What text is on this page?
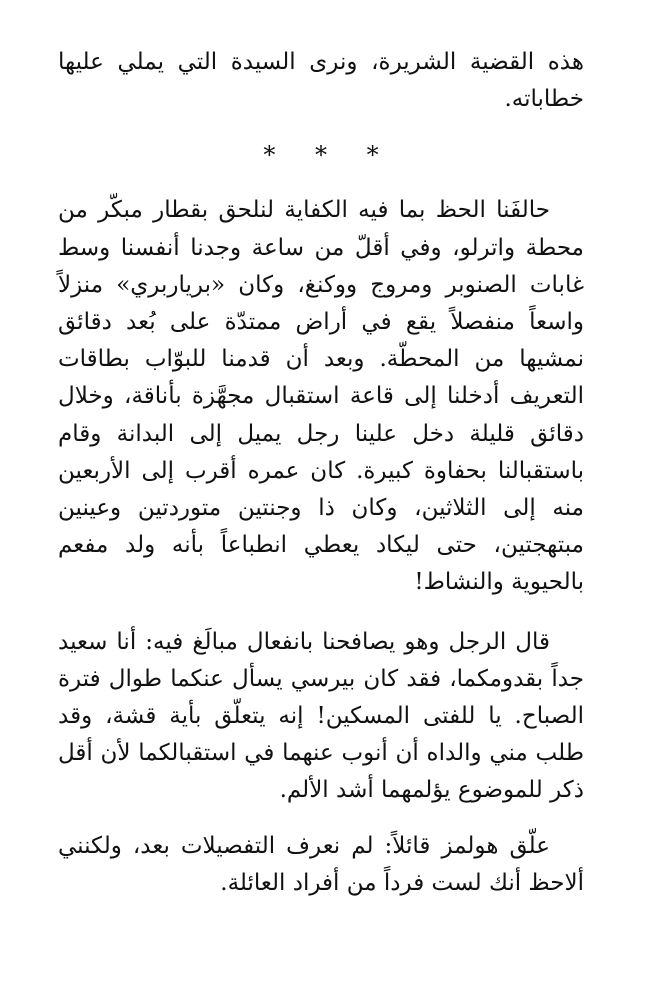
هذه القضية الشريرة، ونرى السيدة التي يملي عليها خطاباته.

* * *

حالفَنا الحظ بما فيه الكفاية لنلحق بقطار مبكّر من محطة واترلو، وفي أقلّ من ساعة وجدنا أنفسنا وسط غابات الصنوبر ومروج ووكنغ، وكان «برياربري» منزلاً واسعاً منفصلاً يقع في أراض ممتدّة على بُعد دقائق نمشيها من المحطّة. وبعد أن قدمنا للبوّاب بطاقات التعريف أدخلنا إلى قاعة استقبال مجهَّزة بأناقة، وخلال دقائق قليلة دخل علينا رجل يميل إلى البدانة وقام باستقبالنا بحفاوة كبيرة. كان عمره أقرب إلى الأربعين منه إلى الثلاثين، وكان ذا وجنتين متوردتين وعينين مبتهجتين، حتى ليكاد يعطي انطباعاً بأنه ولد مفعم بالحيوية والنشاط!

قال الرجل وهو يصافحنا بانفعال مبالَغ فيه: أنا سعيد جداً بقدومكما، فقد كان بيرسي يسأل عنكما طوال فترة الصباح. يا للفتى المسكين! إنه يتعلّق بأية قشة، وقد طلب مني والداه أن أنوب عنهما في استقبالكما لأن أقل ذكر للموضوع يؤلمهما أشد الألم.

علّق هولمز قائلاً: لم نعرف التفصيلات بعد، ولكنني ألاحظ أنك لست فرداً من أفراد العائلة.
